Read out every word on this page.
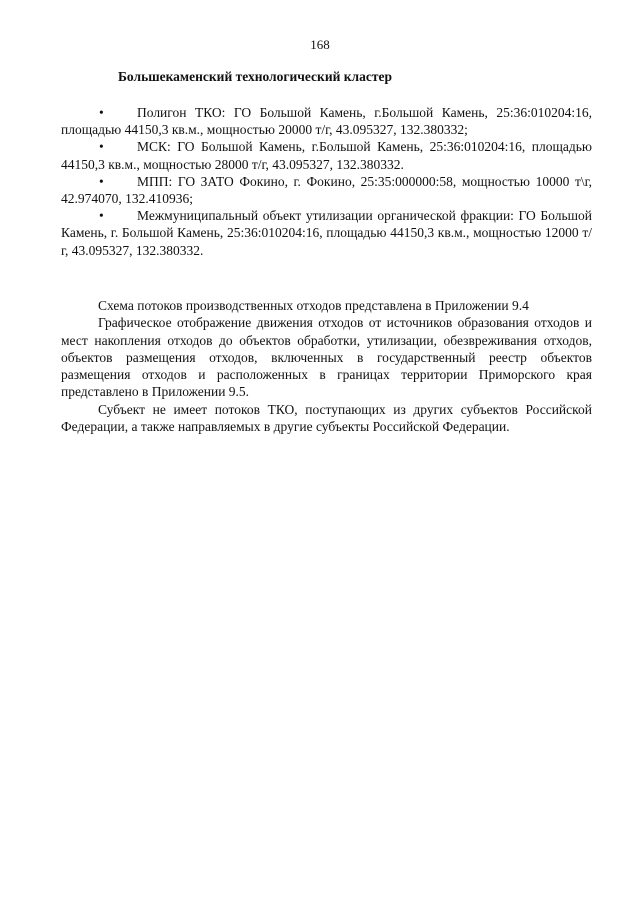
168
Большекаменский технологический кластер
• Полигон ТКО: ГО Большой Камень, г.Большой Камень, 25:36:010204:16, площадью 44150,3 кв.м., мощностью 20000 т/г, 43.095327, 132.380332;
• МСК: ГО Большой Камень, г.Большой Камень, 25:36:010204:16, площадью 44150,3 кв.м., мощностью 28000 т/г, 43.095327, 132.380332.
• МПП: ГО ЗАТО Фокино, г. Фокино, 25:35:000000:58, мощностью 10000 т\г, 42.974070, 132.410936;
• Межмуниципальный объект утилизации органической фракции: ГО Большой Камень, г. Большой Камень, 25:36:010204:16, площадью 44150,3 кв.м., мощностью 12000 т/г, 43.095327, 132.380332.

Схема потоков производственных отходов представлена в Приложении 9.4

Графическое отображение движения отходов от источников образования отходов и мест накопления отходов до объектов обработки, утилизации, обезвреживания отходов, объектов размещения отходов, включенных в государственный реестр объектов размещения отходов и расположенных в границах территории Приморского края представлено в Приложении 9.5.

Субъект не имеет потоков ТКО, поступающих из других субъектов Российской Федерации, а также направляемых в другие субъекты Российской Федерации.
